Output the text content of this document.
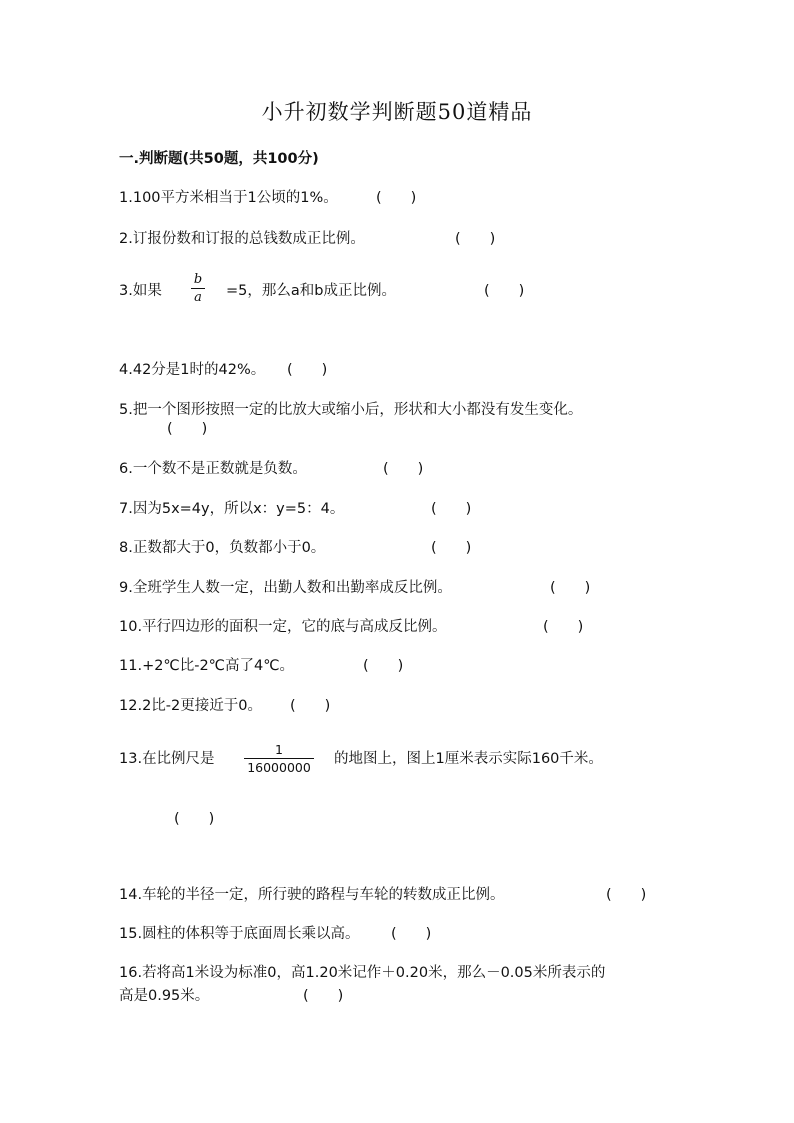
小升初数学判断题50道精品
一.判断题(共50题，共100分)
1.100平方米相当于1公顷的1%。	(　　)
2.订报份数和订报的总钱数成正比例。	(　　)
3.如果
b
a =5，那么a和b成正比例。	(　　)
4.42分是1时的42%。 (　　)
5.把一个图形按照一定的比放大或缩小后，形状和大小都没有发生变化。
(　　)
6.一个数不是正数就是负数。	(　　)
7.因为5x=4y，所以x：y=5：4。	(　　)
8.正数都大于0，负数都小于0。	(　　)
9.全班学生人数一定，出勤人数和出勤率成反比例。	(　　)
10.平行四边形的面积一定，它的底与高成反比例。	(　　)
11.+2℃比-2℃高了4℃。	(　　)
12.2比-2更接近于0。 (　　)
13.在比例尺是
1
16000000
的地图上，图上1厘米表示实际160千米。
(　　)
14.车轮的半径一定，所行驶的路程与车轮的转数成正比例。	(　　)
15.圆柱的体积等于底面周长乘以高。 (　　)
16.若将高1米设为标准0，高1.20米记作＋0.20米，那么－0.05米所表示的
高是0.95米。	(　　)
